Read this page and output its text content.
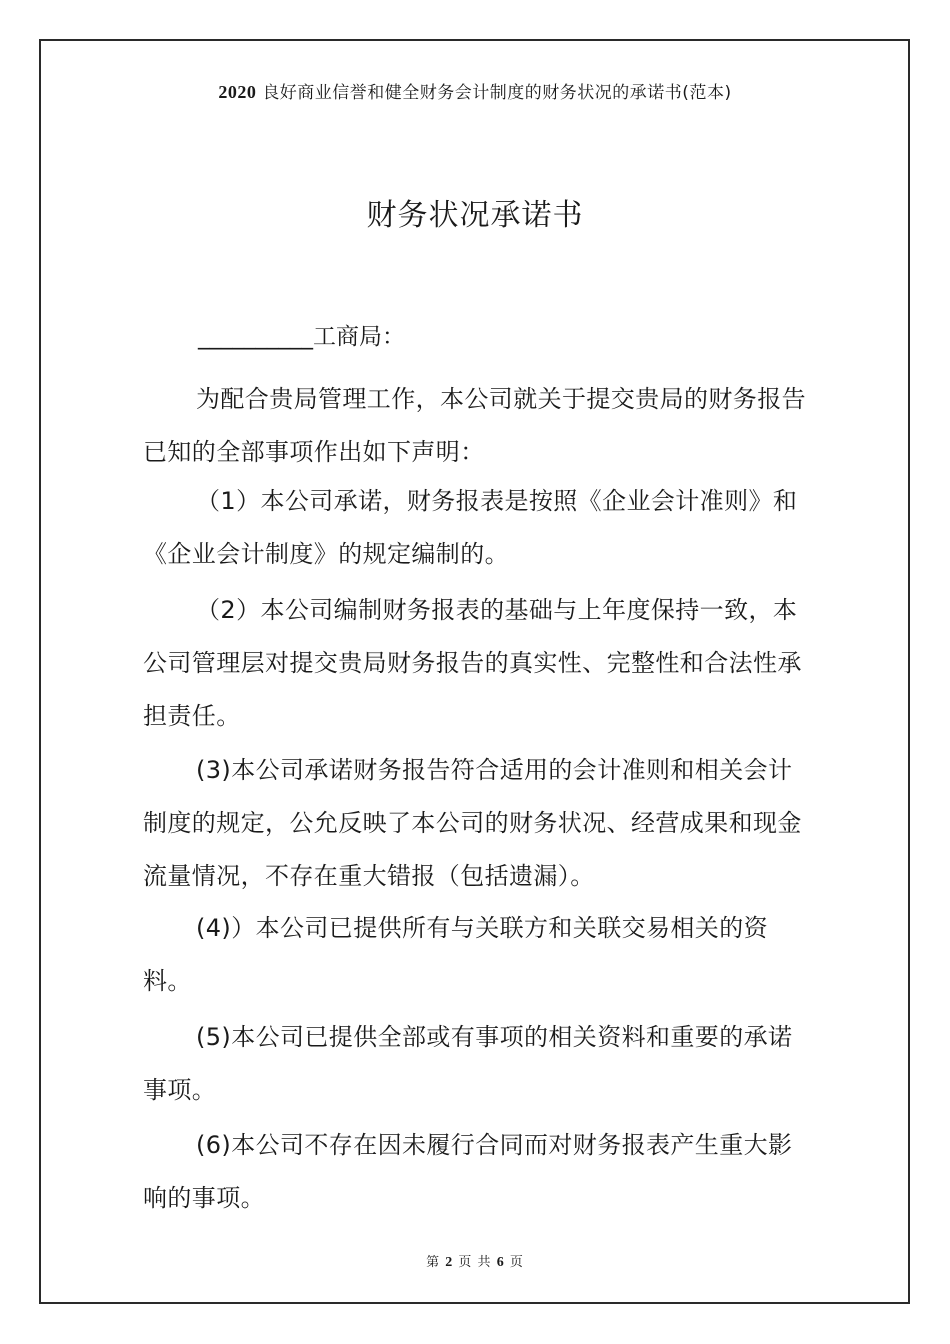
2020 良好商业信誉和健全财务会计制度的财务状况的承诺书(范本)
财务状况承诺书
__________工商局：

为配合贵局管理工作，本公司就关于提交贵局的财务报告已知的全部事项作出如下声明：

（1）本公司承诺，财务报表是按照《企业会计准则》和《企业会计制度》的规定编制的。

（2）本公司编制财务报表的基础与上年度保持一致，本公司管理层对提交贵局财务报告的真实性、完整性和合法性承担责任。

(3)本公司承诺财务报告符合适用的会计准则和相关会计制度的规定，公允反映了本公司的财务状况、经营成果和现金流量情况，不存在重大错报（包括遗漏）。

(4)）本公司已提供所有与关联方和关联交易相关的资料。

(5)本公司已提供全部或有事项的相关资料和重要的承诺事项。

(6)本公司不存在因未履行合同而对财务报表产生重大影响的事项。

第 2 页 共 6 页
